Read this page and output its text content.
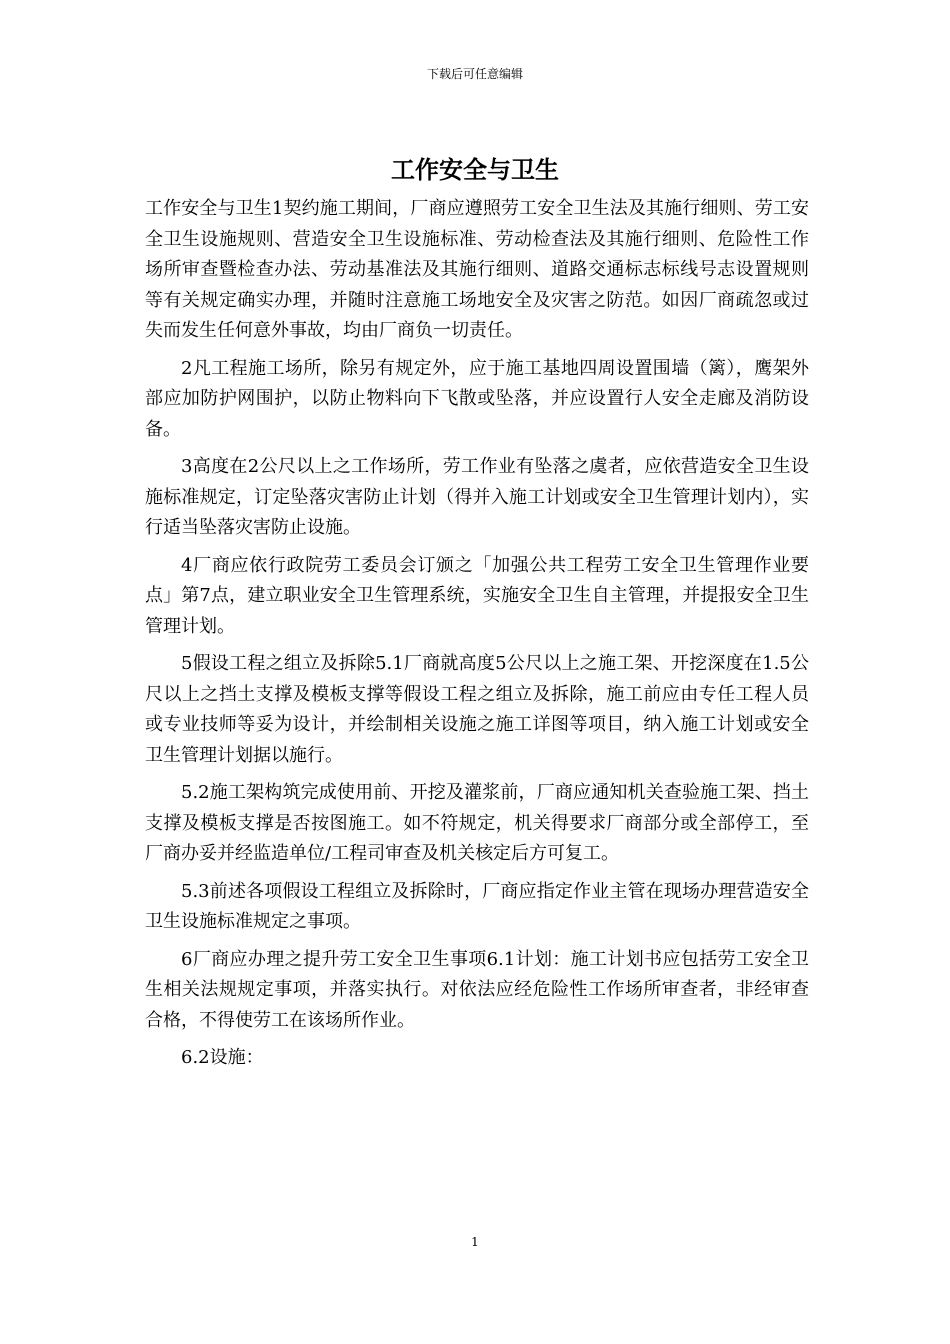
下载后可任意编辑
工作安全与卫生

工作安全与卫生1契约施工期间，厂商应遵照劳工安全卫生法及其施行细则、劳工安全卫生设施规则、营造安全卫生设施标准、劳动检查法及其施行细则、危险性工作场所审查暨检查办法、劳动基准法及其施行细则、道路交通标志标线号志设置规则等有关规定确实办理，并随时注意施工场地安全及灾害之防范。如因厂商疏忽或过失而发生任何意外事故，均由厂商负一切责任。

2凡工程施工场所，除另有规定外，应于施工基地四周设置围墙（篱），鹰架外部应加防护网围护，以防止物料向下飞散或坠落，并应设置行人安全走廊及消防设备。

3高度在2公尺以上之工作场所，劳工作业有坠落之虞者，应依营造安全卫生设施标准规定，订定坠落灾害防止计划（得并入施工计划或安全卫生管理计划内），实行适当坠落灾害防止设施。

4厂商应依行政院劳工委员会订颁之「加强公共工程劳工安全卫生管理作业要点」第7点，建立职业安全卫生管理系统，实施安全卫生自主管理，并提报安全卫生管理计划。

5假设工程之组立及拆除5.1厂商就高度5公尺以上之施工架、开挖深度在1.5公尺以上之挡土支撑及模板支撑等假设工程之组立及拆除，施工前应由专任工程人员或专业技师等妥为设计，并绘制相关设施之施工详图等项目，纳入施工计划或安全卫生管理计划据以施行。

5.2施工架构筑完成使用前、开挖及灌浆前，厂商应通知机关查验施工架、挡土支撑及模板支撑是否按图施工。如不符规定，机关得要求厂商部分或全部停工，至厂商办妥并经监造单位/工程司审查及机关核定后方可复工。

5.3前述各项假设工程组立及拆除时，厂商应指定作业主管在现场办理营造安全卫生设施标准规定之事项。

6厂商应办理之提升劳工安全卫生事项6.1计划：施工计划书应包括劳工安全卫生相关法规规定事项，并落实执行。对依法应经危险性工作场所审查者，非经审查合格，不得使劳工在该场所作业。

6.2设施：

1
